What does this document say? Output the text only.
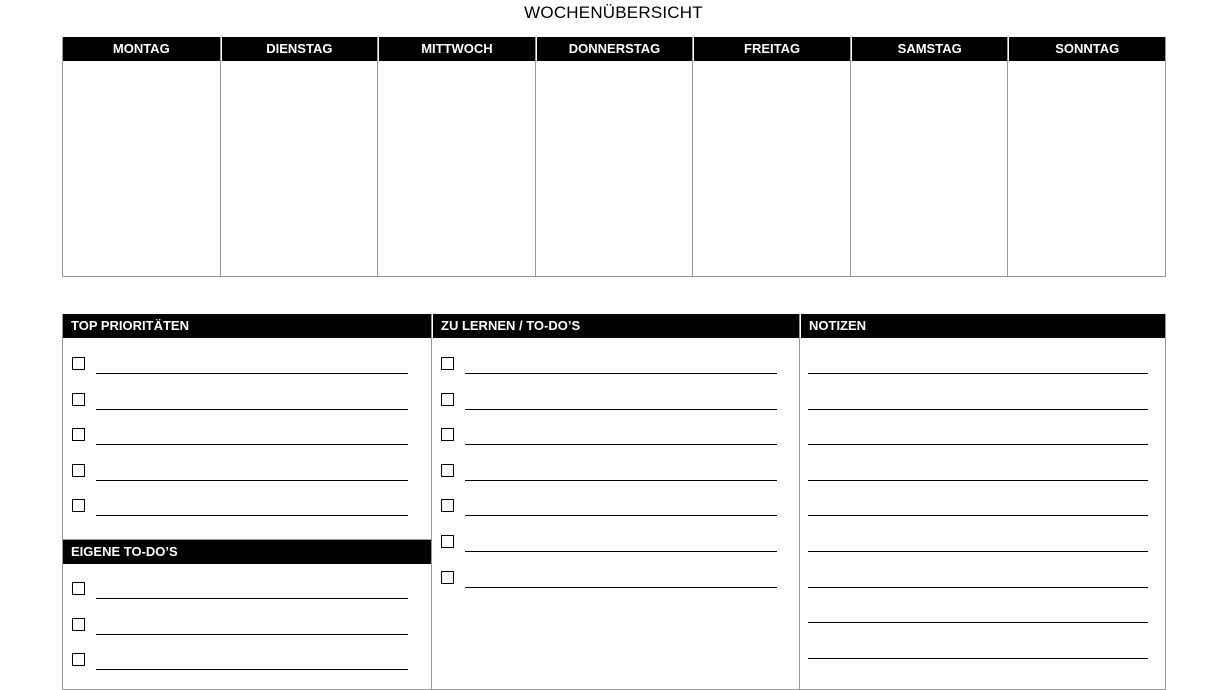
WOCHENÜBERSICHT
MONTAG	DIENSTAG	MITTWOCH	DONNERSTAG	FREITAG	SAMSTAG	SONNTAG
TOP PRIORITÄTEN
EIGENE TO-DO’S
ZU LERNEN / TO-DO’S	NOTIZEN
